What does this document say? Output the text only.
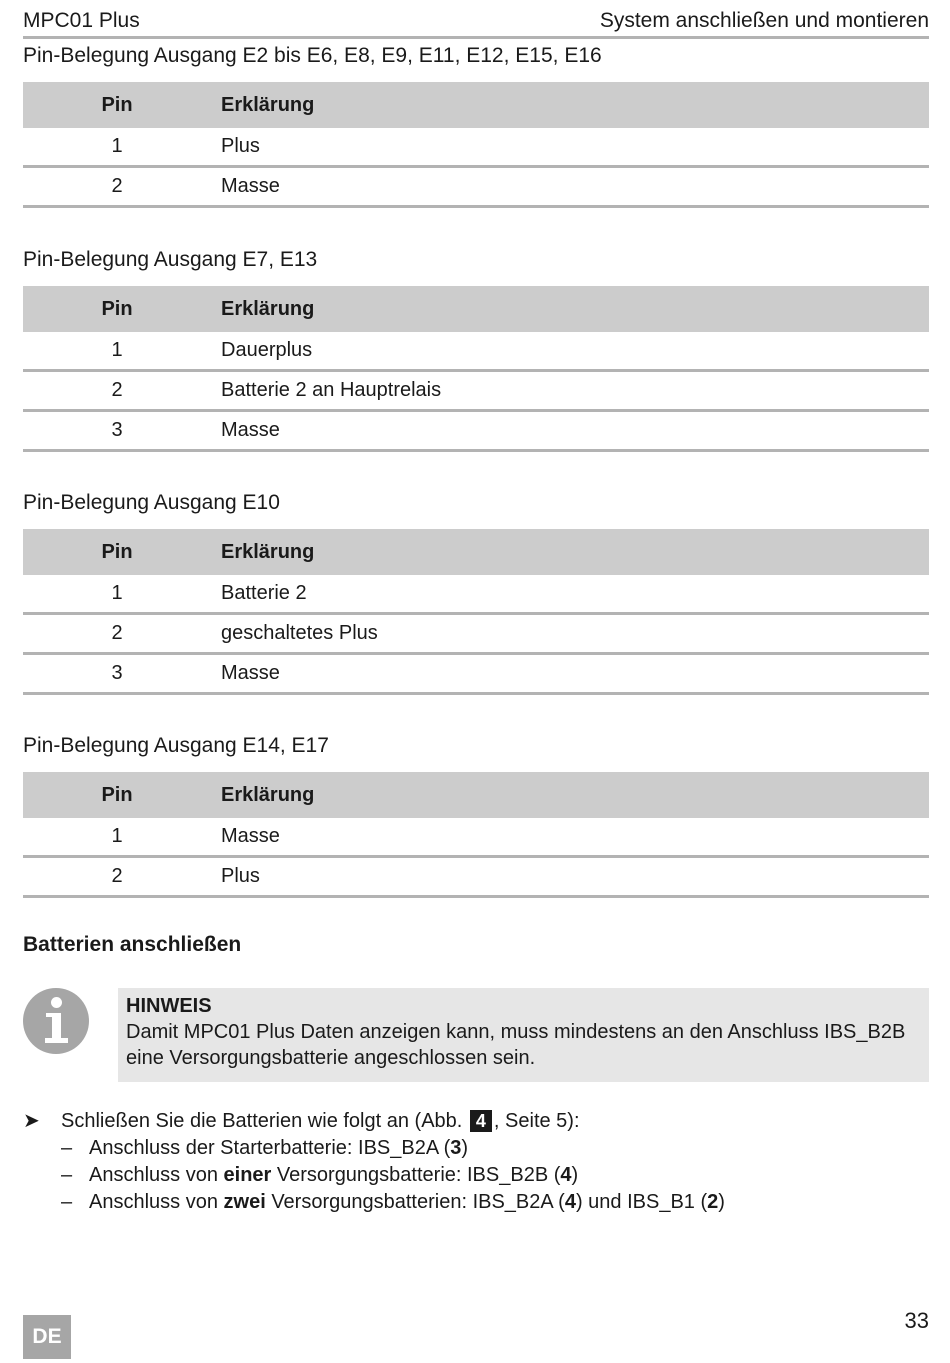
MPC01 Plus	System anschließen und montieren
Pin-Belegung Ausgang E2 bis E6, E8, E9, E11, E12, E15, E16
Pin	Erklärung
1	Plus
2	Masse
Pin-Belegung Ausgang E7, E13
Pin	Erklärung
1	Dauerplus
2	Batterie 2 an Hauptrelais
3	Masse
Pin-Belegung Ausgang E10
Pin	Erklärung
1	Batterie 2
2	geschaltetes Plus
3	Masse
Pin-Belegung Ausgang E14, E17
Pin	Erklärung
1	Masse
2	Plus
Batterien anschließen
HINWEIS
Damit MPC01 Plus Daten anzeigen kann, muss mindestens an den Anschluss IBS_B2B eine Versorgungsbatterie angeschlossen sein.
➤	Schließen Sie die Batterien wie folgt an (Abb. 4 , Seite 5):
– Anschluss der Starterbatterie: IBS_B2A (3)
– Anschluss von einer Versorgungsbatterie: IBS_B2B (4)
– Anschluss von zwei Versorgungsbatterien: IBS_B2A (4) und IBS_B1 (2)
DE
33
